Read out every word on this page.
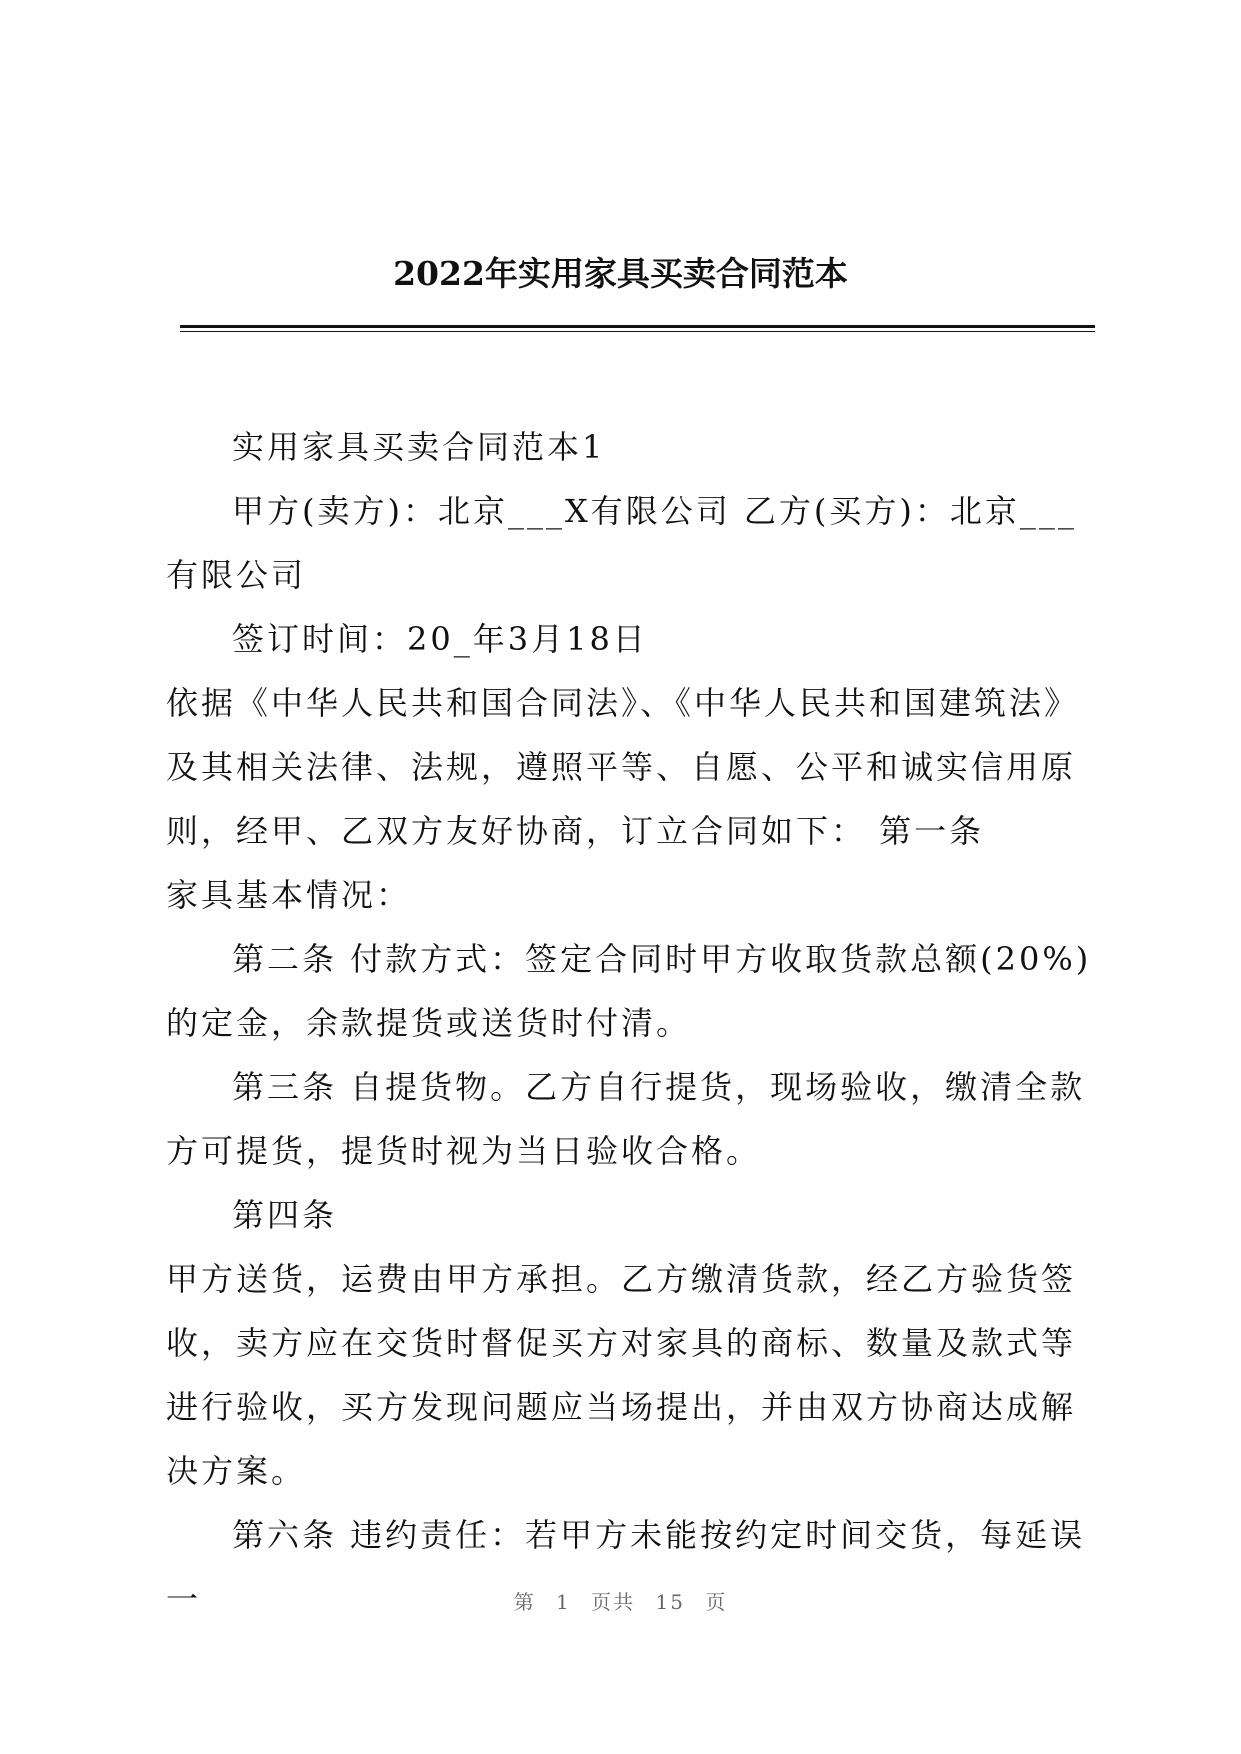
2022年实用家具买卖合同范本

实用家具买卖合同范本1

甲方(卖方)：北京___X有限公司 乙方(买方)：北京___有限公司

签订时间：20_年3月18日

依据《中华人民共和国合同法》、《中华人民共和国建筑法》及其相关法律、法规，遵照平等、自愿、公平和诚实信用原则，经甲、乙双方友好协商，订立合同如下： 第一条

家具基本情况：

第二条 付款方式：签定合同时甲方收取货款总额(20%)的定金，余款提货或送货时付清。

第三条 自提货物。乙方自行提货，现场验收，缴清全款方可提货，提货时视为当日验收合格。

第四条

甲方送货，运费由甲方承担。乙方缴清货款，经乙方验货签收，卖方应在交货时督促买方对家具的商标、数量及款式等进行验收，买方发现问题应当场提出，并由双方协商达成解决方案。

第六条 违约责任：若甲方未能按约定时间交货，每延误一	第 1 页共 15 页
